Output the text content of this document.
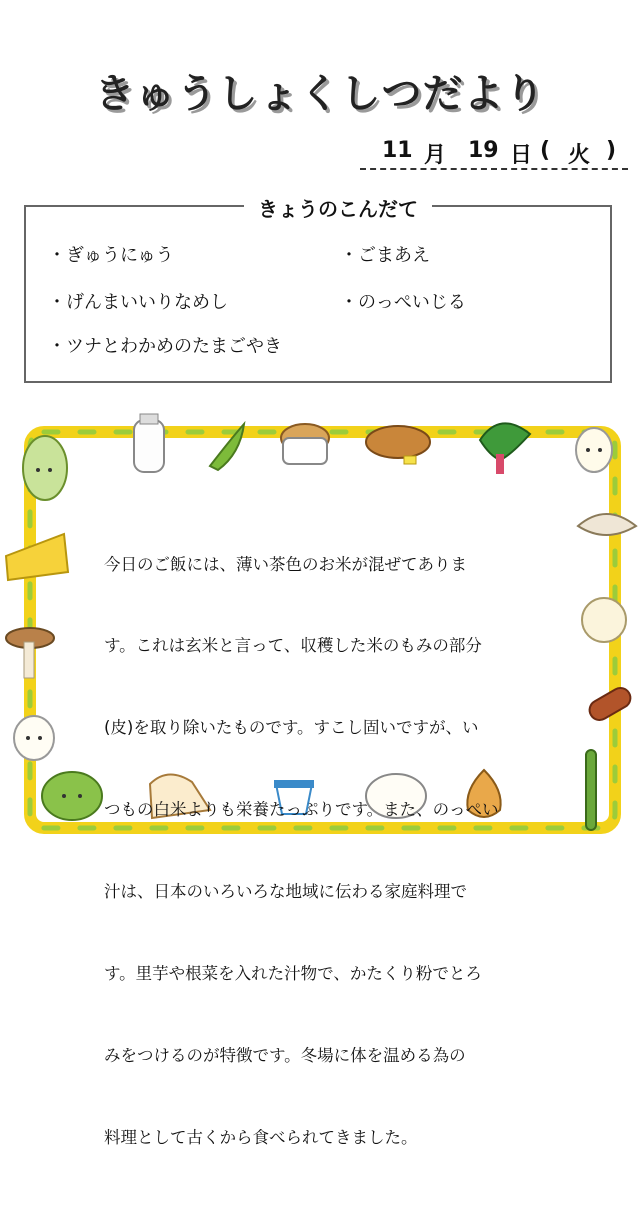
きゅうしょくしつだより
11 月 19 日 ( 火 )
きょうのこんだて
・ぎゅうにゅう	・ごまあえ
・げんまいいりなめし	・のっぺいじる
・ツナとわかめのたまごやき

今日のご飯には、薄い茶色のお米が混ぜてありま

す。これは玄米と言って、収穫した米のもみの部分

(皮)を取り除いたものです。すこし固いですが、い

つもの白米よりも栄養たっぷりです。また、のっぺい

汁は、日本のいろいろな地域に伝わる家庭料理で

す。里芋や根菜を入れた汁物で、かたくり粉でとろ

みをつけるのが特徴です。冬場に体を温める為の

料理として古くから食べられてきました。
